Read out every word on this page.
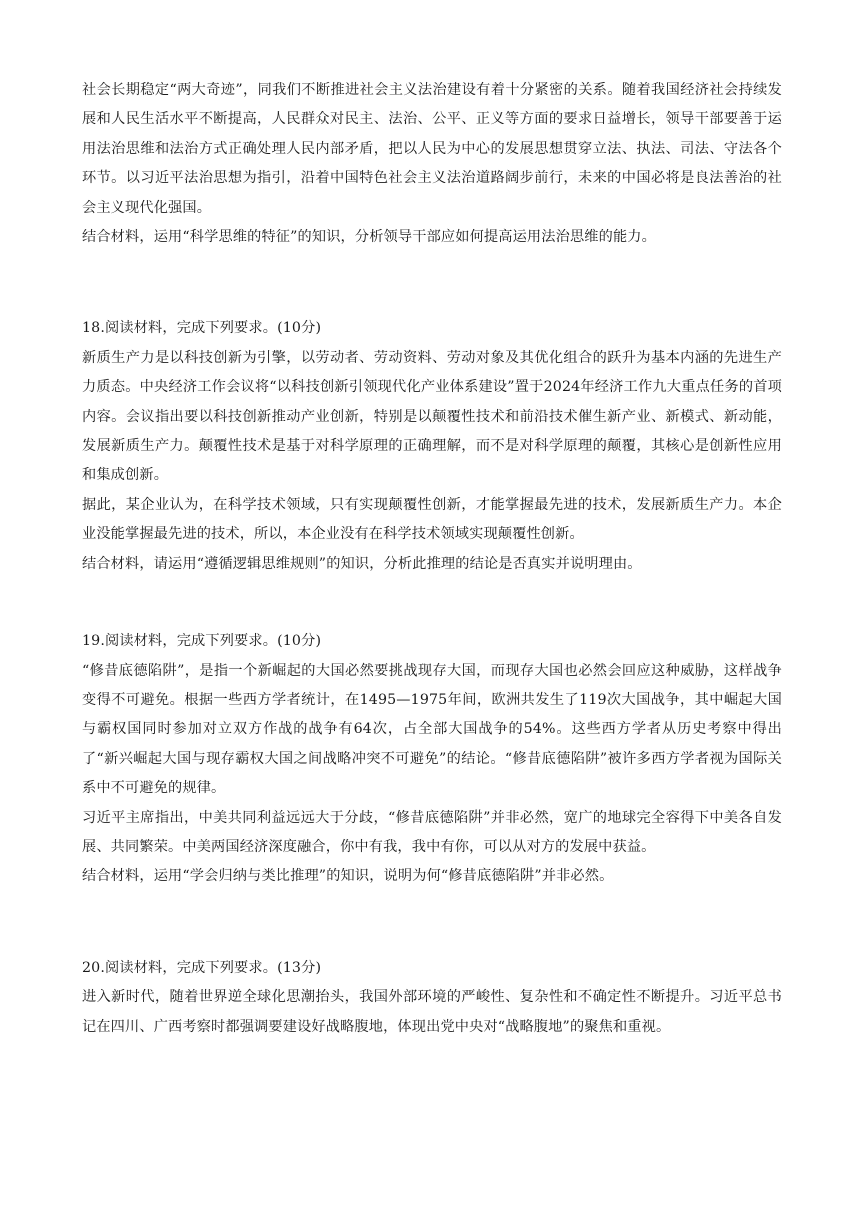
社会长期稳定“两大奇迹”，同我们不断推进社会主义法治建设有着十分紧密的关系。随着我国经济社会持续发展和人民生活水平不断提高，人民群众对民主、法治、公平、正义等方面的要求日益增长，领导干部要善于运用法治思维和法治方式正确处理人民内部矛盾，把以人民为中心的发展思想贯穿立法、执法、司法、守法各个环节。以习近平法治思想为指引，沿着中国特色社会主义法治道路阔步前行，未来的中国必将是良法善治的社会主义现代化强国。

结合材料，运用“科学思维的特征”的知识，分析领导干部应如何提高运用法治思维的能力。

18.阅读材料，完成下列要求。(10分)

新质生产力是以科技创新为引擎，以劳动者、劳动资料、劳动对象及其优化组合的跃升为基本内涵的先进生产力质态。中央经济工作会议将“以科技创新引领现代化产业体系建设”置于2024年经济工作九大重点任务的首项内容。会议指出要以科技创新推动产业创新，特别是以颠覆性技术和前沿技术催生新产业、新模式、新动能，发展新质生产力。颠覆性技术是基于对科学原理的正确理解，而不是对科学原理的颠覆，其核心是创新性应用和集成创新。

据此，某企业认为，在科学技术领域，只有实现颠覆性创新，才能掌握最先进的技术，发展新质生产力。本企业没能掌握最先进的技术，所以，本企业没有在科学技术领域实现颠覆性创新。

结合材料，请运用“遵循逻辑思维规则”的知识，分析此推理的结论是否真实并说明理由。

19.阅读材料，完成下列要求。(10分)

“修昔底德陷阱”，是指一个新崛起的大国必然要挑战现存大国，而现存大国也必然会回应这种威胁，这样战争变得不可避免。根据一些西方学者统计，在1495—1975年间，欧洲共发生了119次大国战争，其中崛起大国与霸权国同时参加对立双方作战的战争有64次，占全部大国战争的54%。这些西方学者从历史考察中得出了“新兴崛起大国与现存霸权大国之间战略冲突不可避免”的结论。“修昔底德陷阱”被许多西方学者视为国际关系中不可避免的规律。

习近平主席指出，中美共同利益远远大于分歧，“修昔底德陷阱”并非必然，宽广的地球完全容得下中美各自发展、共同繁荣。中美两国经济深度融合，你中有我，我中有你，可以从对方的发展中获益。

结合材料，运用“学会归纳与类比推理”的知识，说明为何“修昔底德陷阱”并非必然。

20.阅读材料，完成下列要求。(13分)

进入新时代，随着世界逆全球化思潮抬头，我国外部环境的严峻性、复杂性和不确定性不断提升。习近平总书记在四川、广西考察时都强调要建设好战略腹地，体现出党中央对“战略腹地”的聚焦和重视。
